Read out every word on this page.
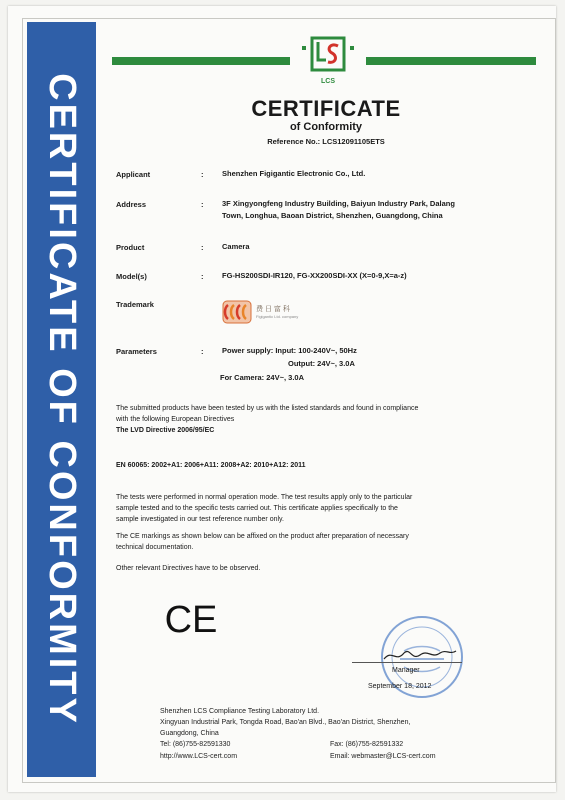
CERTIFICATE OF CONFORMITY	LCS
CERTIFICATE
of Conformity
Reference No.: LCS12091105ETS
Applicant	: Shenzhen Figigantic Electronic Co., Ltd.
Address	: 3F Xingyongfeng Industry Building, Baiyun Industry Park, Dalang
Town, Longhua, Baoan District, Shenzhen, Guangdong, China
Product	: Camera
Model(s)	: FG-HS200SDI-IR120, FG-XX200SDI-XX (X=0-9,X=a-z)
Trademark
费 日 富 科
Figigantic Ltd. company
Parameters	: Power supply: Input: 100-240V~, 50Hz
Output: 24V~, 3.0A
For Camera: 24V~, 3.0A
The submitted products have been tested by us with the listed standards and found in compliance
with the following European Directives
The LVD Directive 2006/95/EC
EN 60065: 2002+A1: 2006+A11: 2008+A2: 2010+A12: 2011
The tests were performed in normal operation mode. The test results apply only to the particular
sample tested and to the specific tests carried out. This certificate applies specifically to the
sample investigated in our test reference number only.
The CE markings as shown below can be affixed on the product after preparation of necessary
technical documentation.
Other relevant Directives have to be observed.
CE
Manager
September 18, 2012
Shenzhen LCS Compliance Testing Laboratory Ltd.
Xingyuan Industrial Park, Tongda Road, Bao'an Blvd., Bao'an District, Shenzhen,
Guangdong, China
Tel: (86)755-82591330	Fax: (86)755-82591332
http://www.LCS-cert.com	Email: webmaster@LCS-cert.com
